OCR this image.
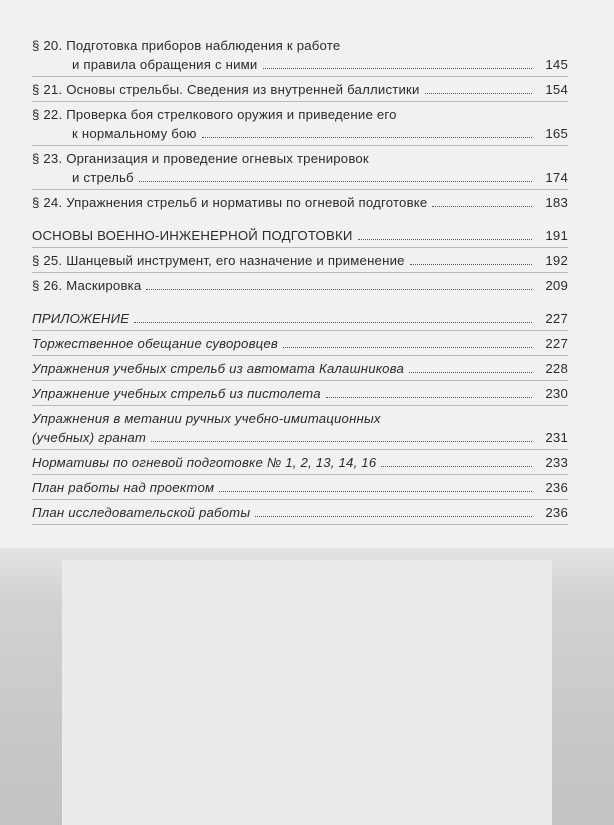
§ 20. Подготовка приборов наблюдения к работе
и правила обращения с ними	145
§ 21. Основы стрельбы. Сведения из внутренней баллистики	154
§ 22. Проверка боя стрелкового оружия и приведение его
к нормальному бою	165
§ 23. Организация и проведение огневых тренировок
и стрельб	174
§ 24. Упражнения стрельб и нормативы по огневой подготовке	183
ОСНОВЫ ВОЕННО-ИНЖЕНЕРНОЙ ПОДГОТОВКИ	191
§ 25. Шанцевый инструмент, его назначение и применение	192
§ 26. Маскировка	209
ПРИЛОЖЕНИЕ	227
Торжественное обещание суворовцев	227
Упражнения учебных стрельб из автомата Калашникова	228
Упражнение учебных стрельб из пистолета	230
Упражнения в метании ручных учебно-имитационных
(учебных) гранат	231
Нормативы по огневой подготовке № 1, 2, 13, 14, 16	233
План работы над проектом	236
План исследовательской работы	236
